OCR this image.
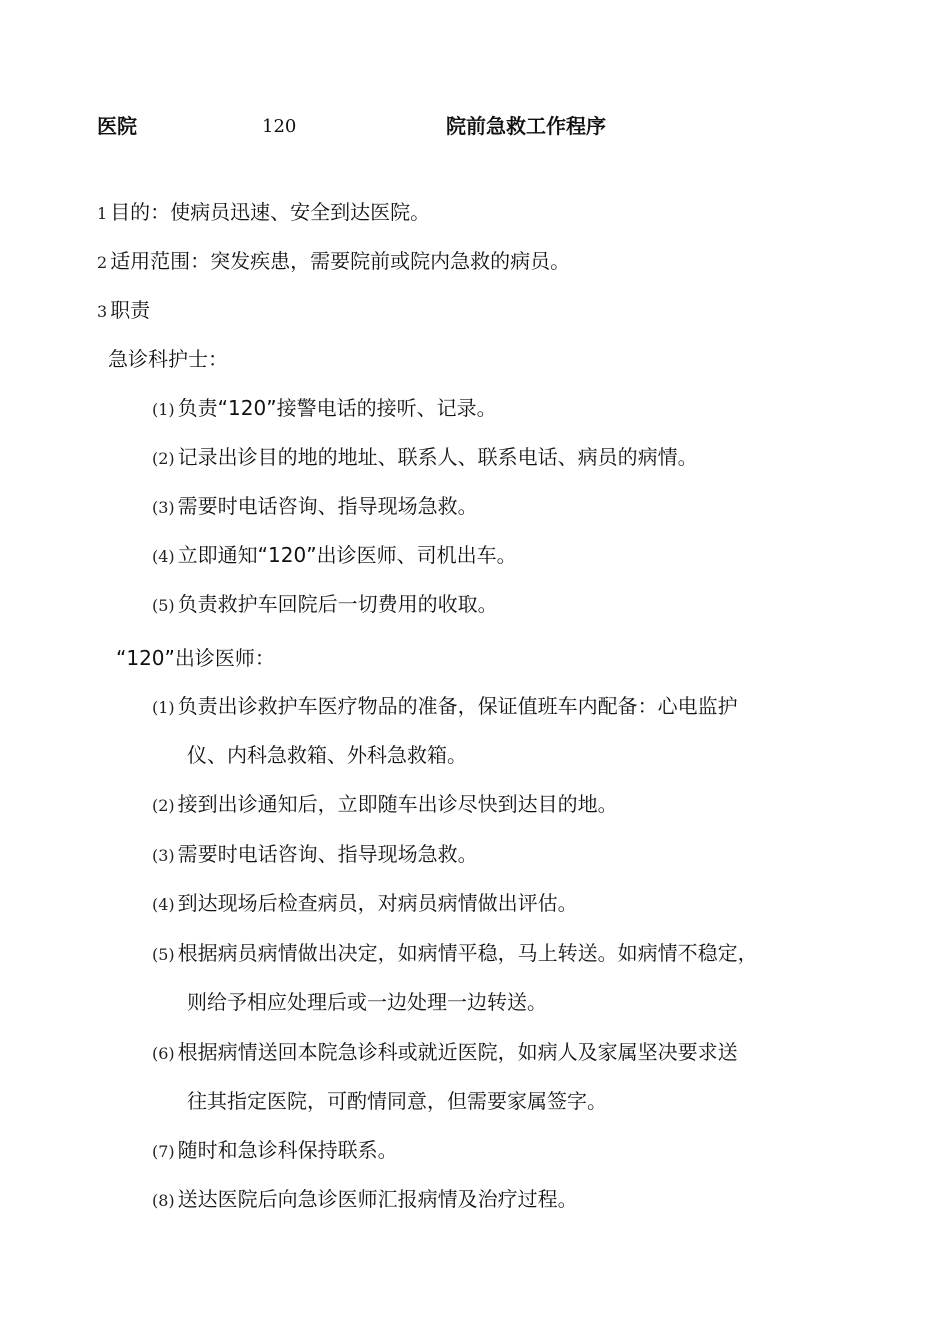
医院	120	院前急救工作程序
1 目的：使病员迅速、安全到达医院。
2 适用范围：突发疾患，需要院前或院内急救的病员。
3 职责
急诊科护士：
(1) 负责“120”接警电话的接听、记录。
(2) 记录出诊目的地的地址、联系人、联系电话、病员的病情。
(3) 需要时电话咨询、指导现场急救。
(4) 立即通知“120”出诊医师、司机出车。
(5) 负责救护车回院后一切费用的收取。
“120”出诊医师：
(1) 负责出诊救护车医疗物品的准备，保证值班车内配备：心电监护
仪、内科急救箱、外科急救箱。
(2) 接到出诊通知后，立即随车出诊尽快到达目的地。
(3) 需要时电话咨询、指导现场急救。
(4) 到达现场后检查病员，对病员病情做出评估。
(5) 根据病员病情做出决定，如病情平稳，马上转送。如病情不稳定，
则给予相应处理后或一边处理一边转送。
(6) 根据病情送回本院急诊科或就近医院，如病人及家属坚决要求送
往其指定医院，可酌情同意，但需要家属签字。
(7) 随时和急诊科保持联系。
(8) 送达医院后向急诊医师汇报病情及治疗过程。
